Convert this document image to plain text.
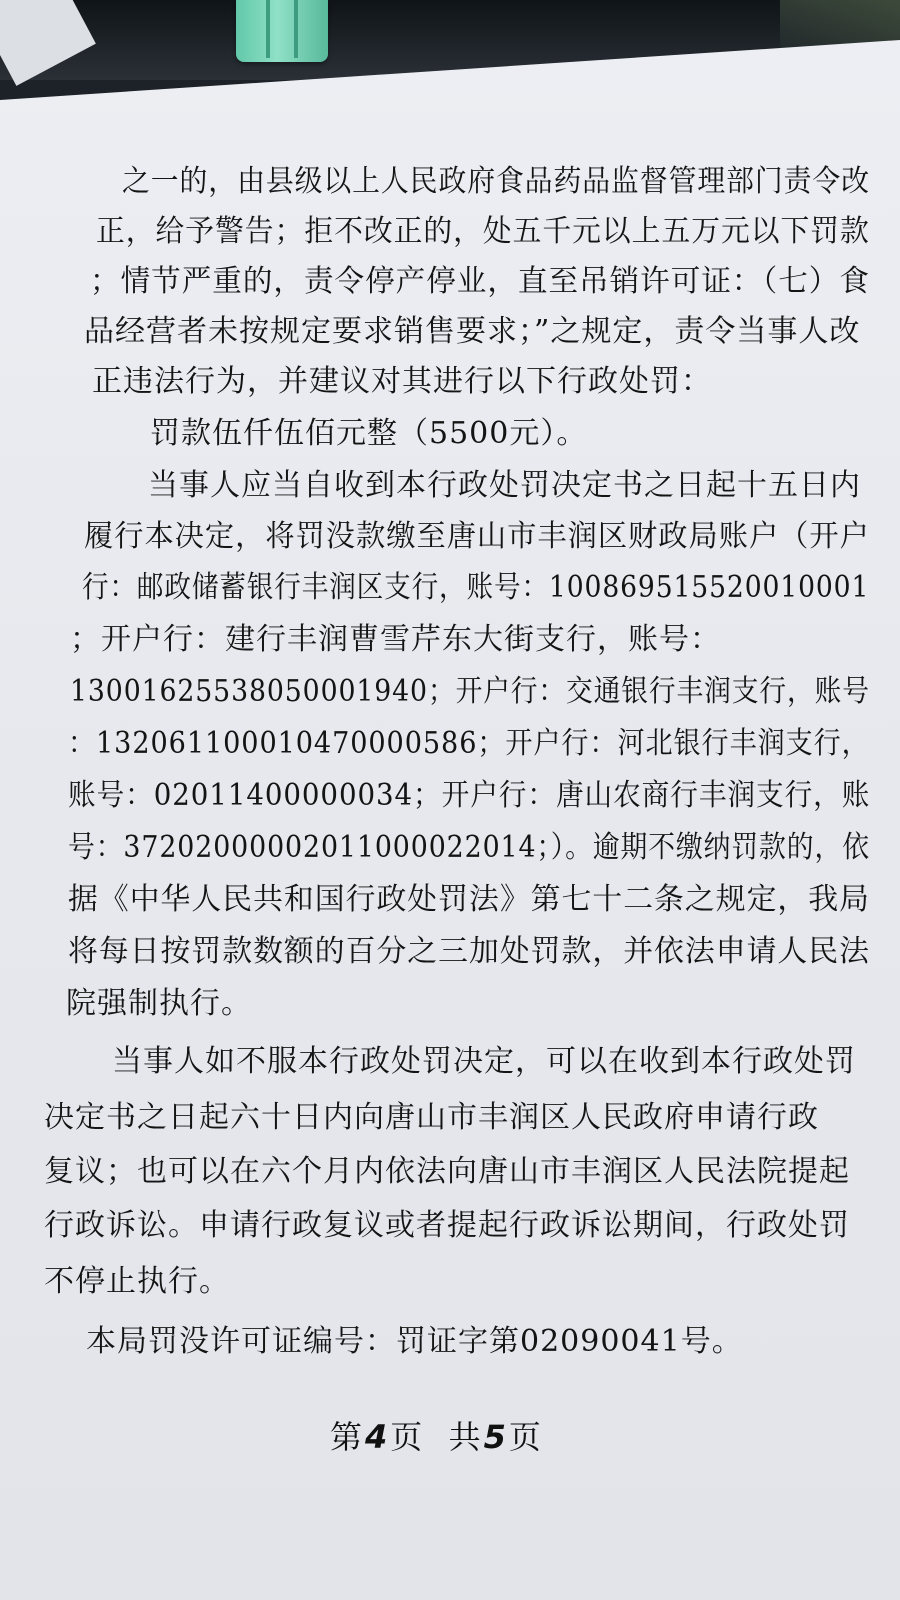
之一的，由县级以上人民政府食品药品监督管理部门责令改
正，给予警告；拒不改正的，处五千元以上五万元以下罚款
；情节严重的，责令停产停业，直至吊销许可证：（七）食
品经营者未按规定要求销售要求；”之规定，责令当事人改
正违法行为，并建议对其进行以下行政处罚：
罚款伍仟伍佰元整（5500元）。
当事人应当自收到本行政处罚决定书之日起十五日内
履行本决定，将罚没款缴至唐山市丰润区财政局账户（开户
行：邮政储蓄银行丰润区支行，账号：100869515520010001
；开户行：建行丰润曹雪芹东大街支行，账号：
13001625538050001940；开户行：交通银行丰润支行，账号
：13206110001047000058​6；开户行：河北银行丰润支行，
账号：02011400000034；开户行：唐山农商行丰润支行，账
号：37202000002011000022014；）。逾期不缴纳罚款的，依
据《中华人民共和国行政处罚法》第七十二条之规定，我局
将每日按罚款数额的百分之三加处罚款，并依法申请人民法
院强制执行。
当事人如不服本行政处罚决定，可以在收到本行政处罚
决定书之日起六十日内向唐山市丰润区人民政府申请行政
复议；也可以在六个月内依法向唐山市丰润区人民法院提起
行政诉讼。申请行政复议或者提起行政诉讼期间，行政处罚
不停止执行。
本局罚没许可证编号：罚证字第02090041号。
第4页  共5页
